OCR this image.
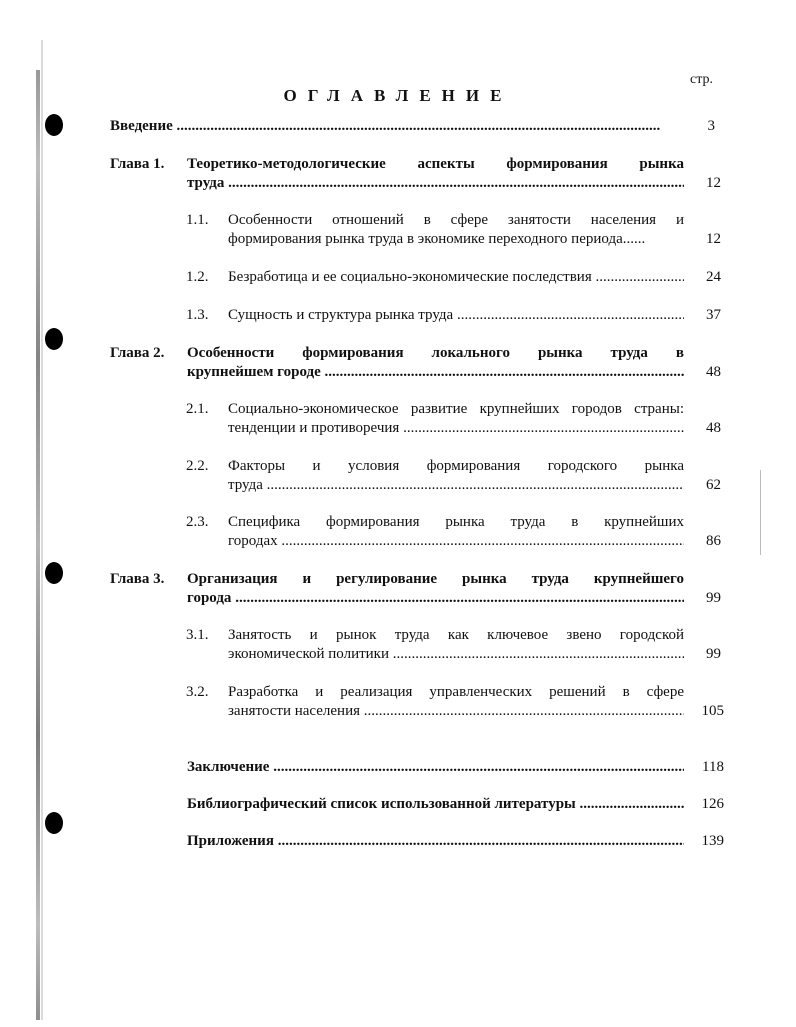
стр.
ОГЛАВЛЕНИЕ
Введение .....	3
Глава 1. Теоретико-методологические аспекты формирования рынка
труда .....	12
1.1. Особенности отношений в сфере занятости населения и
формирования рынка труда в экономике переходного периода......	12
1.2. Безработица и ее социально-экономические последствия .....	24
1.3. Сущность и структура рынка труда .....	37
Глава 2. Особенности формирования локального рынка труда в
крупнейшем городе .....	48
2.1. Социально-экономическое развитие крупнейших городов страны:
тенденции и противоречия .....	48
2.2. Факторы и условия формирования городского рынка
труда .....	62
2.3. Специфика формирования рынка труда в крупнейших
городах .....	86
Глава 3. Организация и регулирование рынка труда крупнейшего
города .....	99
3.1. Занятость и рынок труда как ключевое звено городской
экономической политики .....	99
3.2. Разработка и реализация управленческих решений в сфере
занятости населения .....	105
Заключение .....	118
Библиографический список использованной литературы .....	126
Приложения .....	139
